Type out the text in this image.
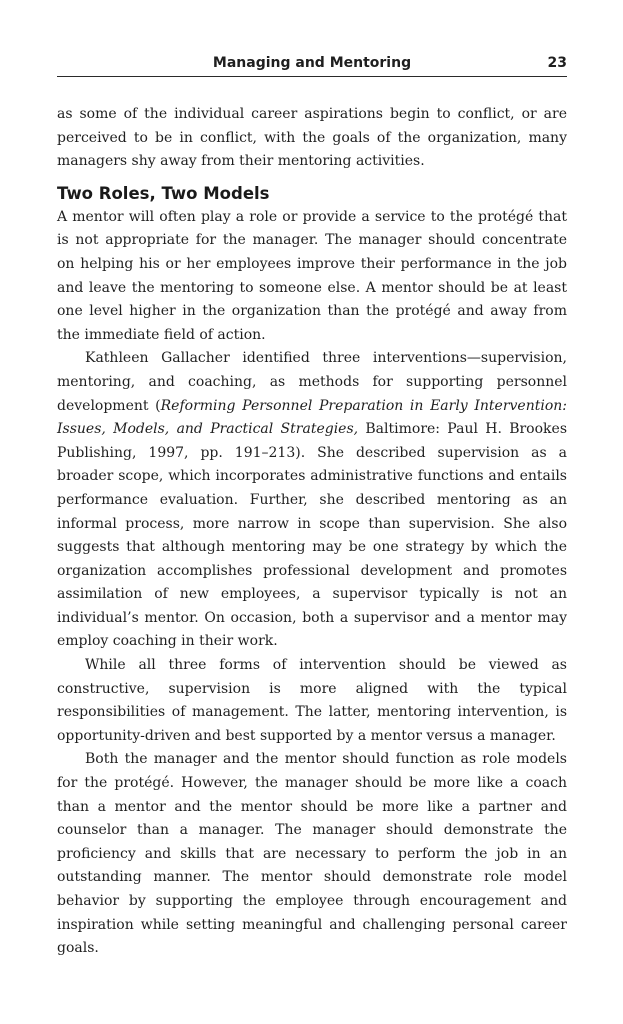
Managing and Mentoring	23

as some of the individual career aspirations begin to conflict, or are perceived to be in conflict, with the goals of the organization, many managers shy away from their mentoring activities.

Two Roles, Two Models

A mentor will often play a role or provide a service to the protégé that is not appropriate for the manager. The manager should concentrate on helping his or her employees improve their performance in the job and leave the mentoring to someone else. A mentor should be at least one level higher in the organization than the protégé and away from the immediate field of action.

Kathleen Gallacher identified three interventions—supervision, mentoring, and coaching, as methods for supporting personnel development (Reforming Personnel Preparation in Early Intervention: Issues, Models, and Practical Strategies, Baltimore: Paul H. Brookes Publishing, 1997, pp. 191–213). She described supervision as a broader scope, which incorporates administrative functions and entails performance evaluation. Further, she described mentoring as an informal process, more narrow in scope than supervision. She also suggests that although mentoring may be one strategy by which the organization accomplishes professional development and promotes assimilation of new employees, a supervisor typically is not an individual’s mentor. On occasion, both a supervisor and a mentor may employ coaching in their work.

While all three forms of intervention should be viewed as constructive, supervision is more aligned with the typical responsibilities of management. The latter, mentoring intervention, is opportunity-driven and best supported by a mentor versus a manager.

Both the manager and the mentor should function as role models for the protégé. However, the manager should be more like a coach than a mentor and the mentor should be more like a partner and counselor than a manager. The manager should demonstrate the proficiency and skills that are necessary to perform the job in an outstanding manner. The mentor should demonstrate role model behavior by supporting the employee through encouragement and inspiration while setting meaningful and challenging personal career goals.
